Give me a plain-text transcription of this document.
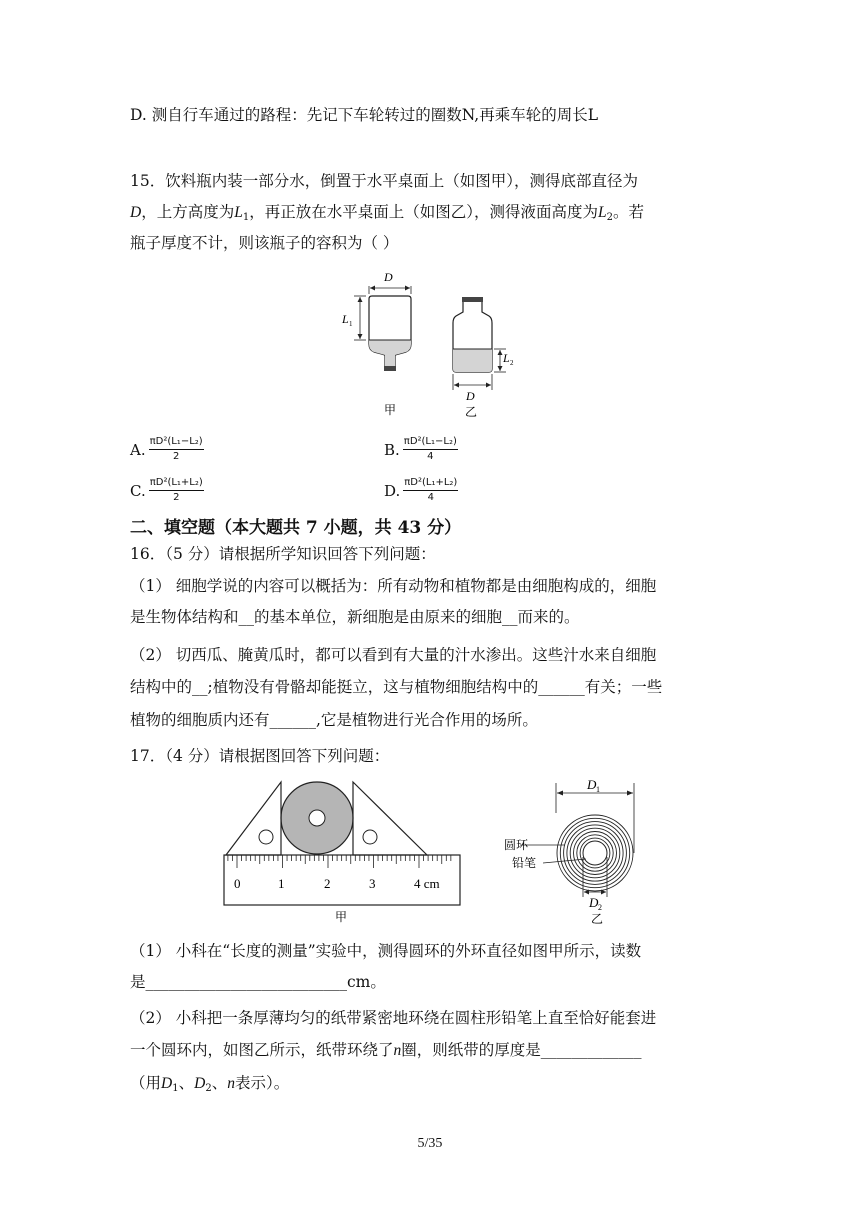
D. 测自行车通过的路程：先记下车轮转过的圈数N,再乘车轮的周长L
15．饮料瓶内装一部分水，倒置于水平桌面上（如图甲），测得底部直径为
D，上方高度为$L_1$，再正放在水平桌面上（如图乙），测得液面高度为$L_2$。若
瓶子厚度不计，则该瓶子的容积为（ ）
D
L 1
L 2
D
甲	乙
A. $\frac{\text{πD²(L₁−L₂)}}{2}$	B. $\frac{\text{πD²(L₁−L₂)}}{4}$
C. $\frac{\text{πD²(L₁+L₂)}}{2}$	D. $\frac{\text{πD²(L₁+L₂)}}{4}$
二、填空题（本大题共 7 小题，共 43 分）
16．（5 分）请根据所学知识回答下列问题：
（1） 细胞学说的内容可以概括为：所有动物和植物都是由细胞构成的，细胞
是生物体结构和__的基本单位，新细胞是由原来的细胞__而来的。
（2） 切西瓜、腌黄瓜时，都可以看到有大量的汁水渗出。这些汁水来自细胞
结构中的__;植物没有骨骼却能挺立，这与植物细胞结构中的______有关；一些
植物的细胞质内还有______,它是植物进行光合作用的场所。
17．（4 分）请根据图回答下列问题：
0	1	2	3	4 cm
甲
D 1
圆环
铅笔
D 2
乙
（1） 小科在“长度的测量”实验中，测得圆环的外环直径如图甲所示，读数
是__________________________cm。
（2） 小科把一条厚薄均匀的纸带紧密地环绕在圆柱形铅笔上直至恰好能套进
一个圆环内，如图乙所示，纸带环绕了n圈，则纸带的厚度是_____________
（用$D_1$、$D_2$、n表示）。
5/35
